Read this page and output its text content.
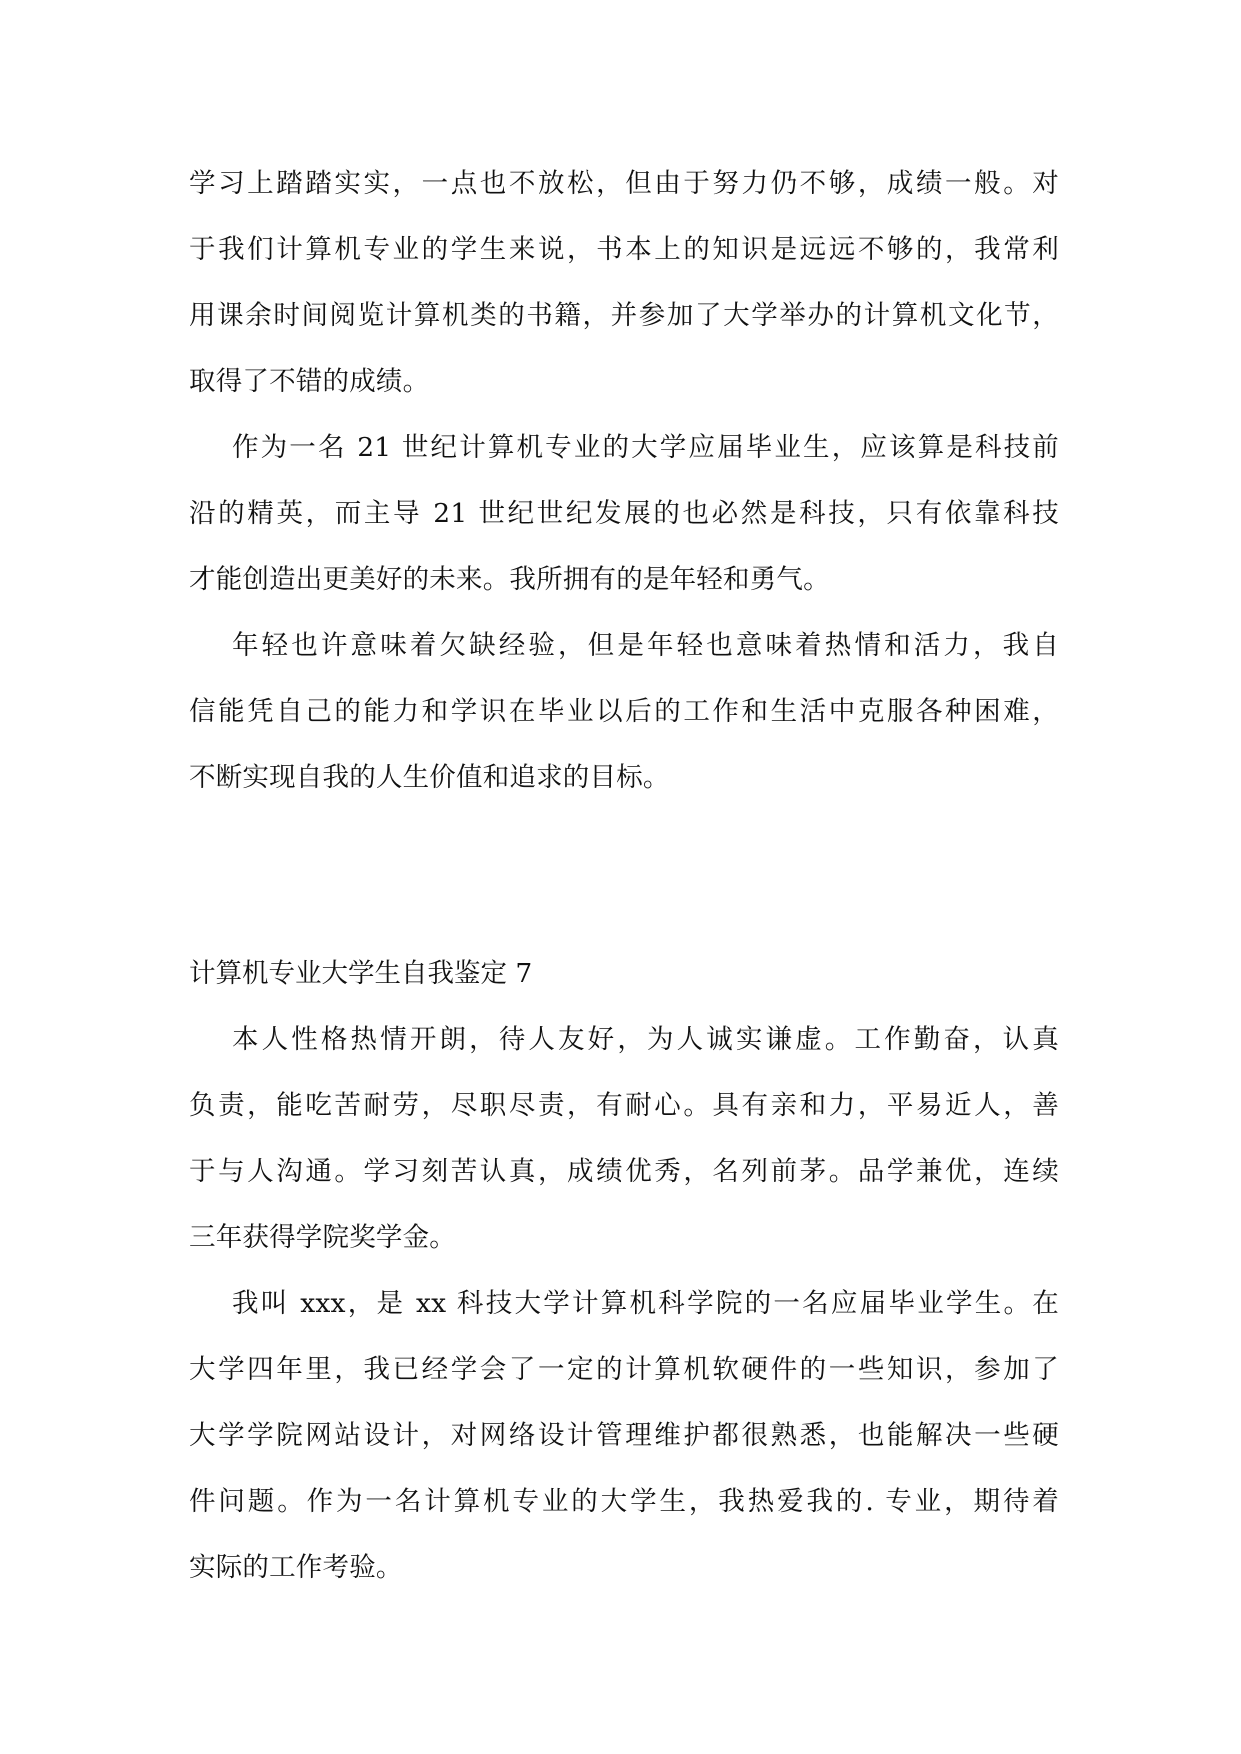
学习上踏踏实实，一点也不放松，但由于努力仍不够，成绩一般。对
于我们计算机专业的学生来说，书本上的知识是远远不够的，我常利
用课余时间阅览计算机类的书籍，并参加了大学举办的计算机文化节，
取得了不错的成绩。
作为一名 21 世纪计算机专业的大学应届毕业生，应该算是科技前
沿的精英，而主导 21 世纪世纪发展的也必然是科技，只有依靠科技
才能创造出更美好的未来。我所拥有的是年轻和勇气。
年轻也许意味着欠缺经验，但是年轻也意味着热情和活力，我自
信能凭自己的能力和学识在毕业以后的工作和生活中克服各种困难，
不断实现自我的人生价值和追求的目标。
计算机专业大学生自我鉴定 7
本人性格热情开朗，待人友好，为人诚实谦虚。工作勤奋，认真
负责，能吃苦耐劳，尽职尽责，有耐心。具有亲和力，平易近人，善
于与人沟通。学习刻苦认真，成绩优秀，名列前茅。品学兼优，连续
三年获得学院奖学金。
我叫 xxx，是 xx 科技大学计算机科学院的一名应届毕业学生。在
大学四年里，我已经学会了一定的计算机软硬件的一些知识，参加了
大学学院网站设计，对网络设计管理维护都很熟悉，也能解决一些硬
件问题。作为一名计算机专业的大学生，我热爱我的. 专业，期待着
实际的工作考验。
